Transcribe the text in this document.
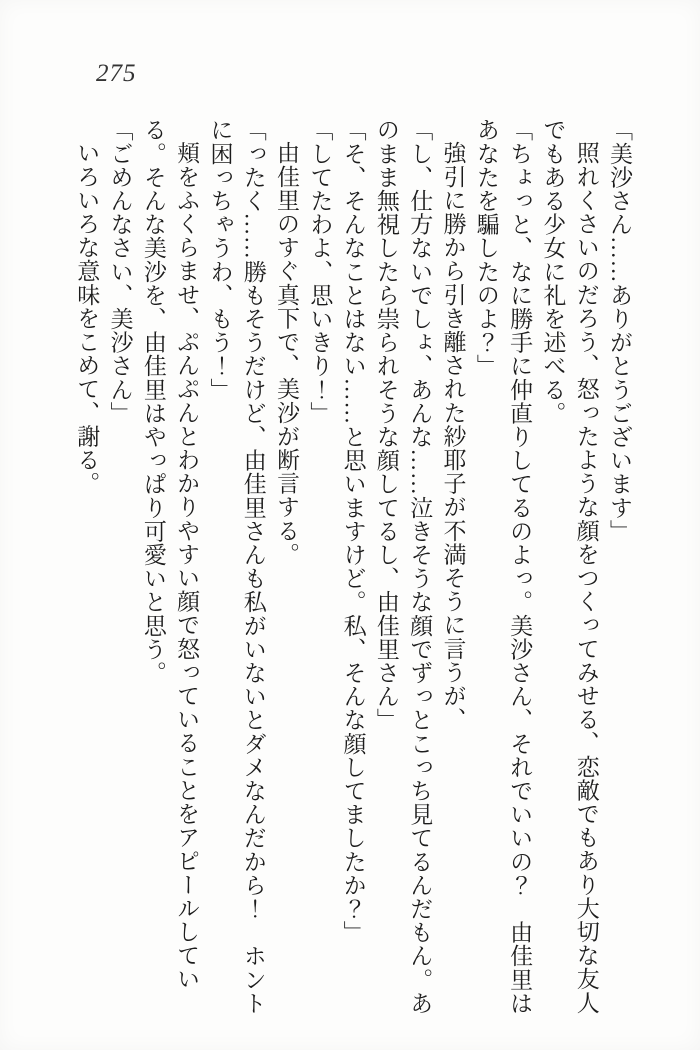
275

「美沙さん……ありがとうございます」

照れくさいのだろう、怒ったような顔をつくってみせる、恋敵でもあり大切な友人でもある少女に礼を述べる。

「ちょっと、なに勝手に仲直りしてるのよっ。美沙さん、それでいいの？　由佳里はあなたを騙したのよ？」

強引に勝から引き離された紗耶子が不満そうに言うが、

「し、仕方ないでしょ、あんな……泣きそうな顔でずっとこっち見てるんだもん。あのまま無視したら祟られそうな顔してるし、由佳里さん」

「そ、そんなことはない……と思いますけど。私、そんな顔してましたか？」

「してたわよ、思いきり！」

由佳里のすぐ真下で、美沙が断言する。

「ったく……勝もそうだけど、由佳里さんも私がいないとダメなんだから！　ホントに困っちゃうわ、もう！」

頬をふくらませ、ぷんぷんとわかりやすい顔で怒っていることをアピールしている。そんな美沙を、由佳里はやっぱり可愛いと思う。

「ごめんなさい、美沙さん」

いろいろな意味をこめて、謝る。
